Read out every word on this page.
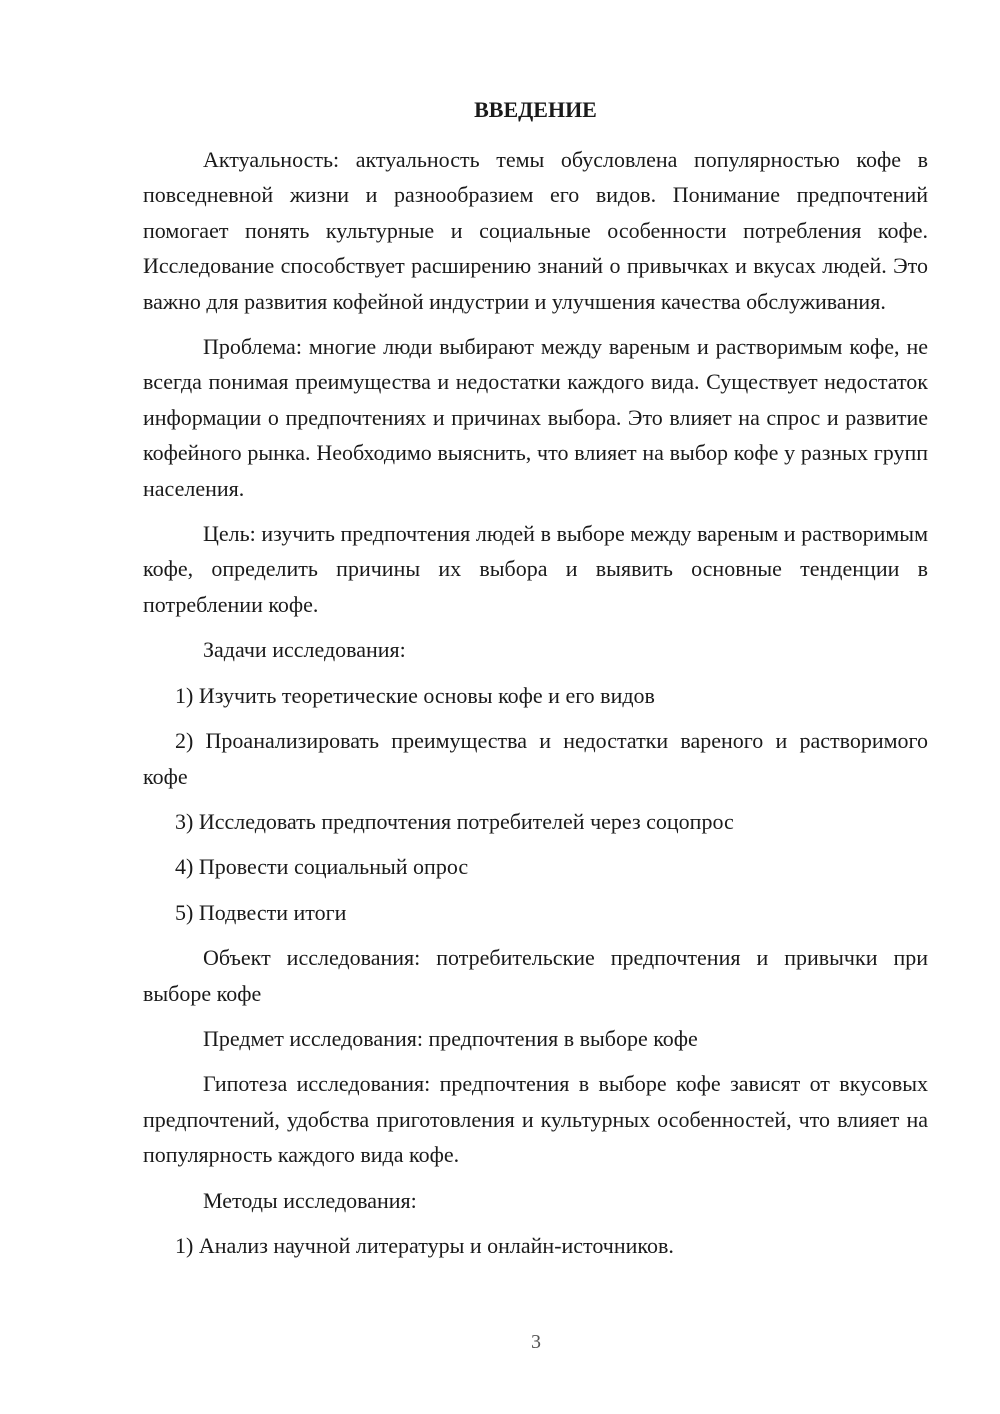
ВВЕДЕНИЕ

Актуальность: актуальность темы обусловлена популярностью кофе в повседневной жизни и разнообразием его видов. Понимание предпочтений помогает понять культурные и социальные особенности потребления кофе. Исследование способствует расширению знаний о привычках и вкусах людей. Это важно для развития кофейной индустрии и улучшения качества обслуживания.

Проблема: многие люди выбирают между вареным и растворимым кофе, не всегда понимая преимущества и недостатки каждого вида. Существует недостаток информации о предпочтениях и причинах выбора. Это влияет на спрос и развитие кофейного рынка. Необходимо выяснить, что влияет на выбор кофе у разных групп населения.

Цель: изучить предпочтения людей в выборе между вареным и растворимым кофе, определить причины их выбора и выявить основные тенденции в потреблении кофе.

Задачи исследования:

1) Изучить теоретические основы кофе и его видов

2) Проанализировать преимущества и недостатки вареного и растворимого кофе

3) Исследовать предпочтения потребителей через соцопрос

4) Провести социальный опрос

5) Подвести итоги

Объект исследования: потребительские предпочтения и привычки при выборе кофе

Предмет исследования: предпочтения в выборе кофе

Гипотеза исследования: предпочтения в выборе кофе зависят от вкусовых предпочтений, удобства приготовления и культурных особенностей, что влияет на популярность каждого вида кофе.

Методы исследования:

1) Анализ научной литературы и онлайн-источников.

3
